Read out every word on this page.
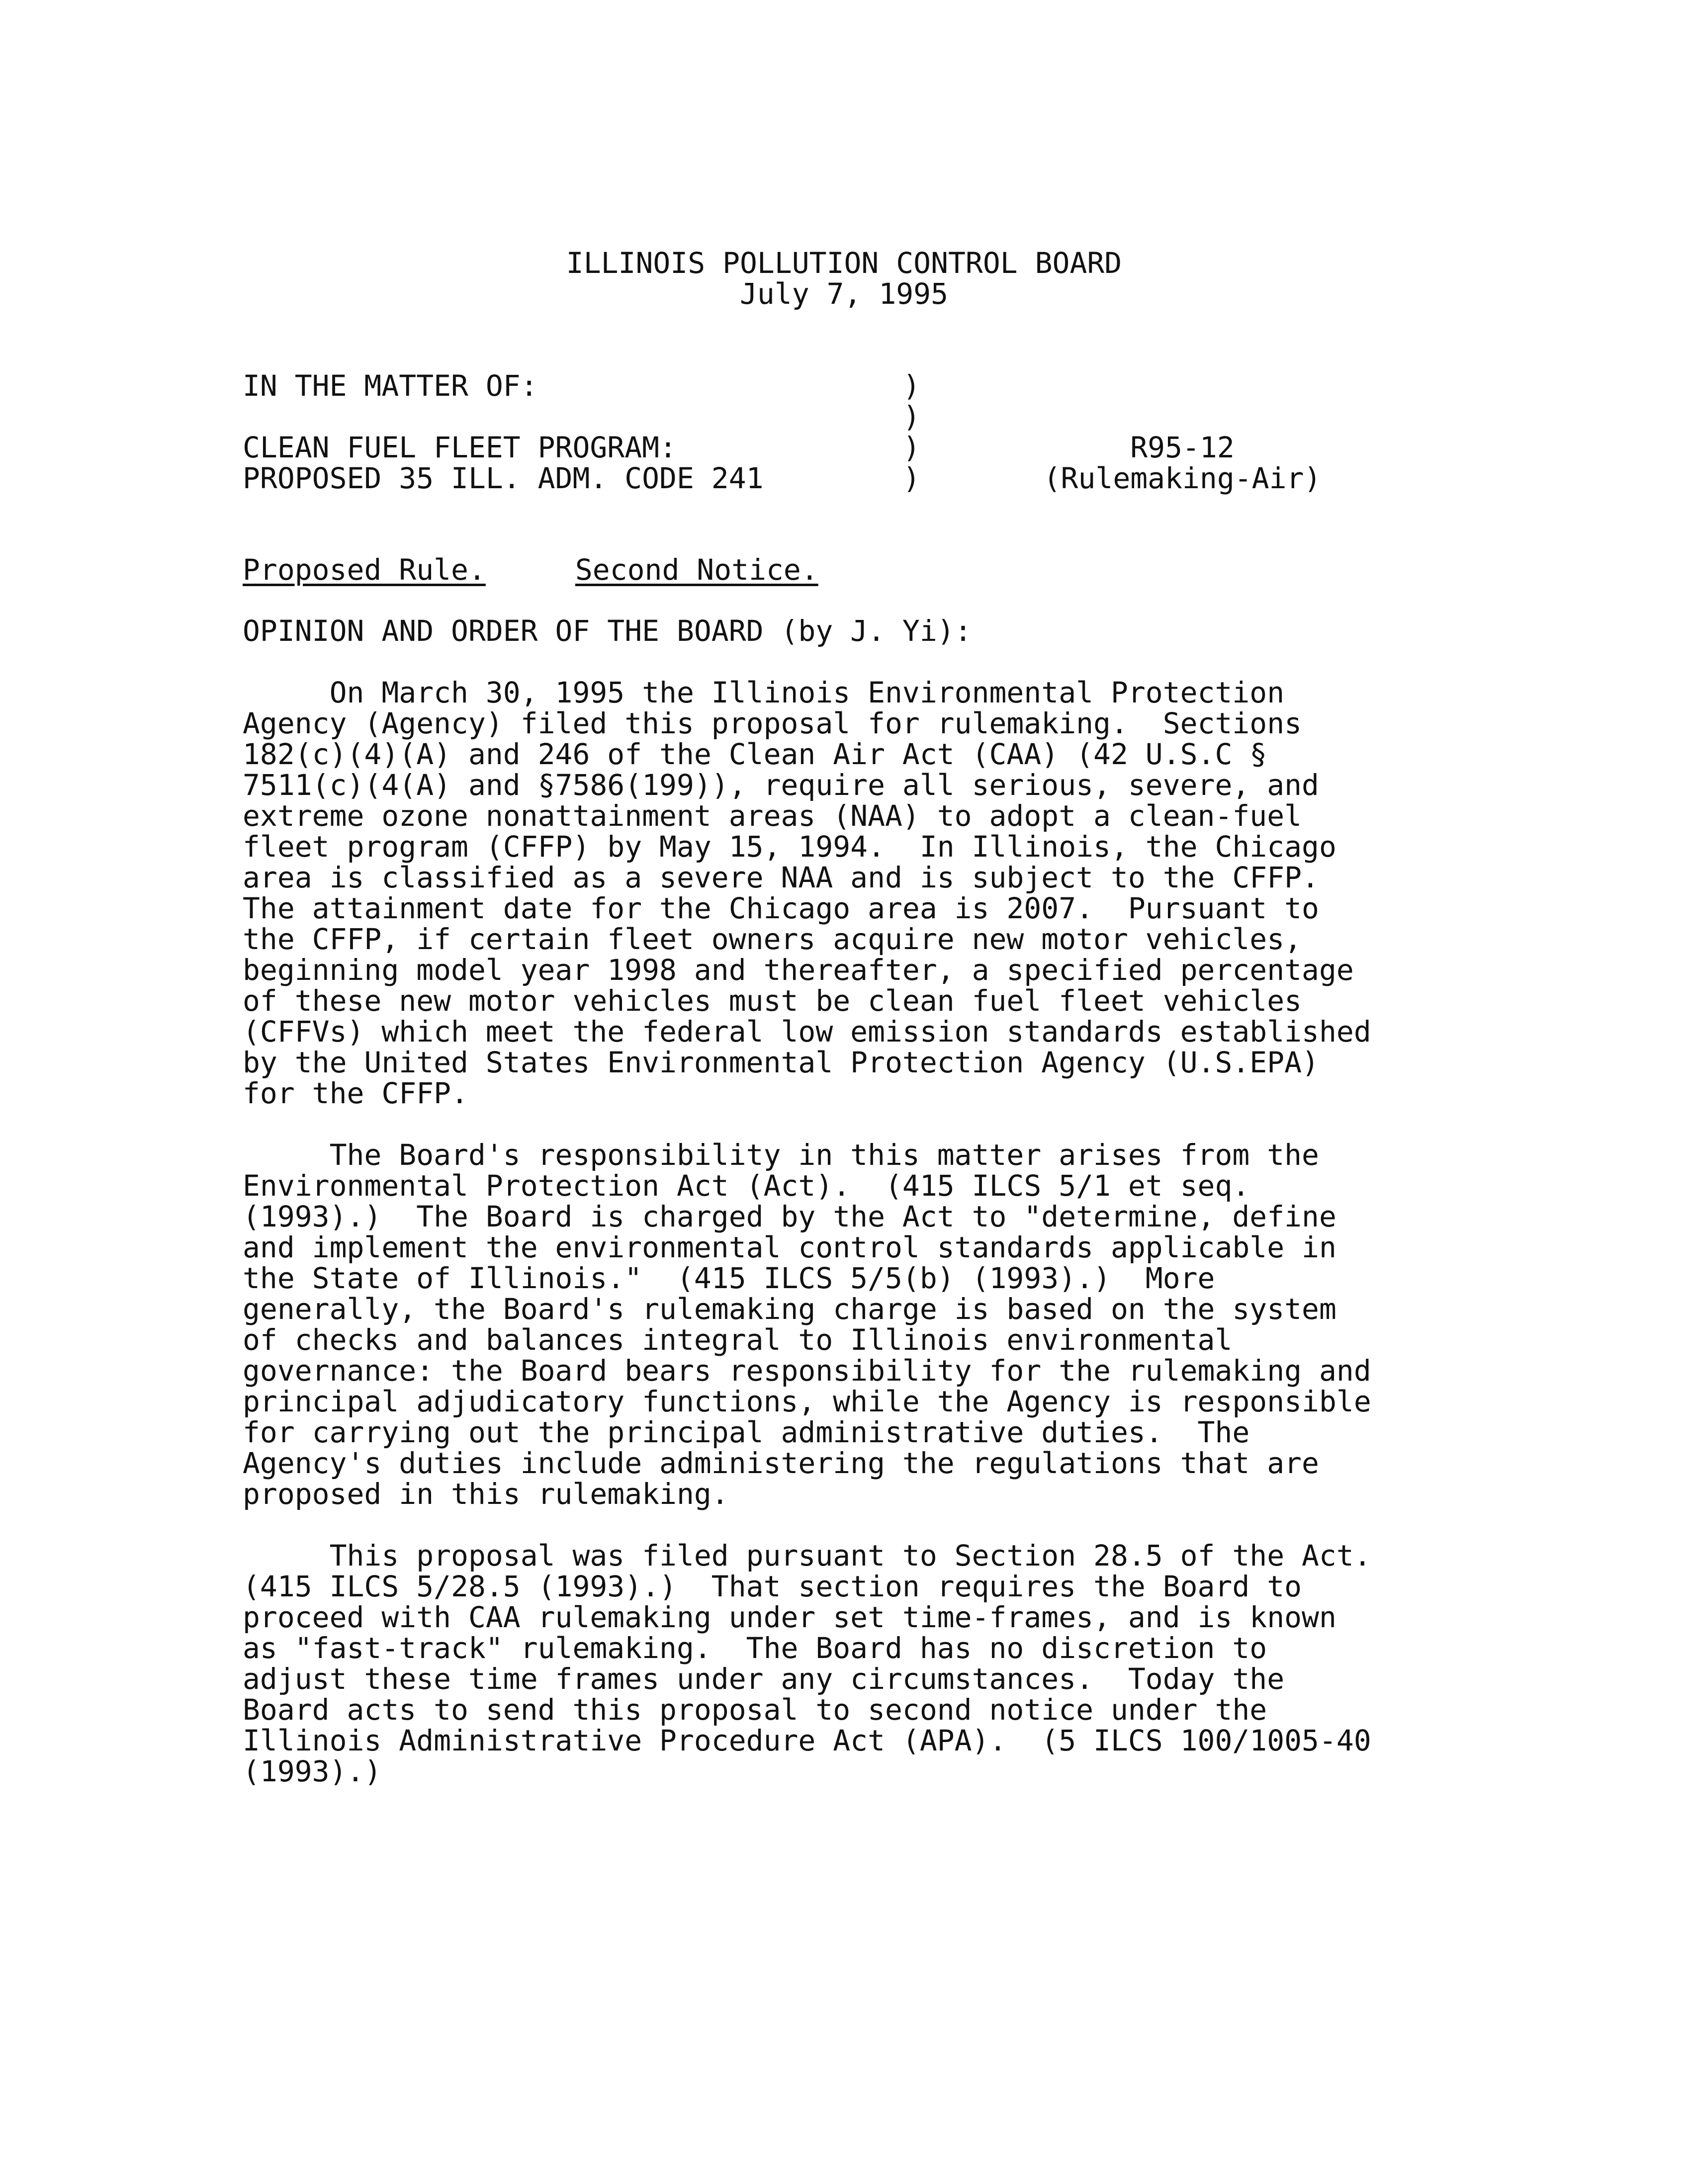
ILLINOIS POLLUTION CONTROL BOARD
July 7, 1995
IN THE MATTER OF:
CLEAN FUEL FLEET PROGRAM:
PROPOSED 35 ILL. ADM. CODE 241
)
)
)
)
R95-12
(Rulemaking-Air)
Proposed Rule.	Second Notice.
OPINION AND ORDER OF THE BOARD (by J. Yi):
On March 30, 1995 the Illinois Environmental Protection
Agency (Agency) filed this proposal for rulemaking.  Sections
182(c)(4)(A) and 246 of the Clean Air Act (CAA) (42 U.S.C §
7511(c)(4(A) and §7586(199)), require all serious, severe, and
extreme ozone nonattainment areas (NAA) to adopt a clean-fuel
fleet program (CFFP) by May 15, 1994.  In Illinois, the Chicago
area is classified as a severe NAA and is subject to the CFFP.
The attainment date for the Chicago area is 2007.  Pursuant to
the CFFP, if certain fleet owners acquire new motor vehicles,
beginning model year 1998 and thereafter, a specified percentage
of these new motor vehicles must be clean fuel fleet vehicles
(CFFVs) which meet the federal low emission standards established
by the United States Environmental Protection Agency (U.S.EPA)
for the CFFP.
The Board's responsibility in this matter arises from the
Environmental Protection Act (Act).  (415 ILCS 5/1 et seq.
(1993).)  The Board is charged by the Act to "determine, define
and implement the environmental control standards applicable in
the State of Illinois."  (415 ILCS 5/5(b) (1993).)  More
generally, the Board's rulemaking charge is based on the system
of checks and balances integral to Illinois environmental
governance: the Board bears responsibility for the rulemaking and
principal adjudicatory functions, while the Agency is responsible
for carrying out the principal administrative duties.  The
Agency's duties include administering the regulations that are
proposed in this rulemaking.
This proposal was filed pursuant to Section 28.5 of the Act.
(415 ILCS 5/28.5 (1993).)  That section requires the Board to
proceed with CAA rulemaking under set time-frames, and is known
as "fast-track" rulemaking.  The Board has no discretion to
adjust these time frames under any circumstances.  Today the
Board acts to send this proposal to second notice under the
Illinois Administrative Procedure Act (APA).  (5 ILCS 100/1005-40
(1993).)
